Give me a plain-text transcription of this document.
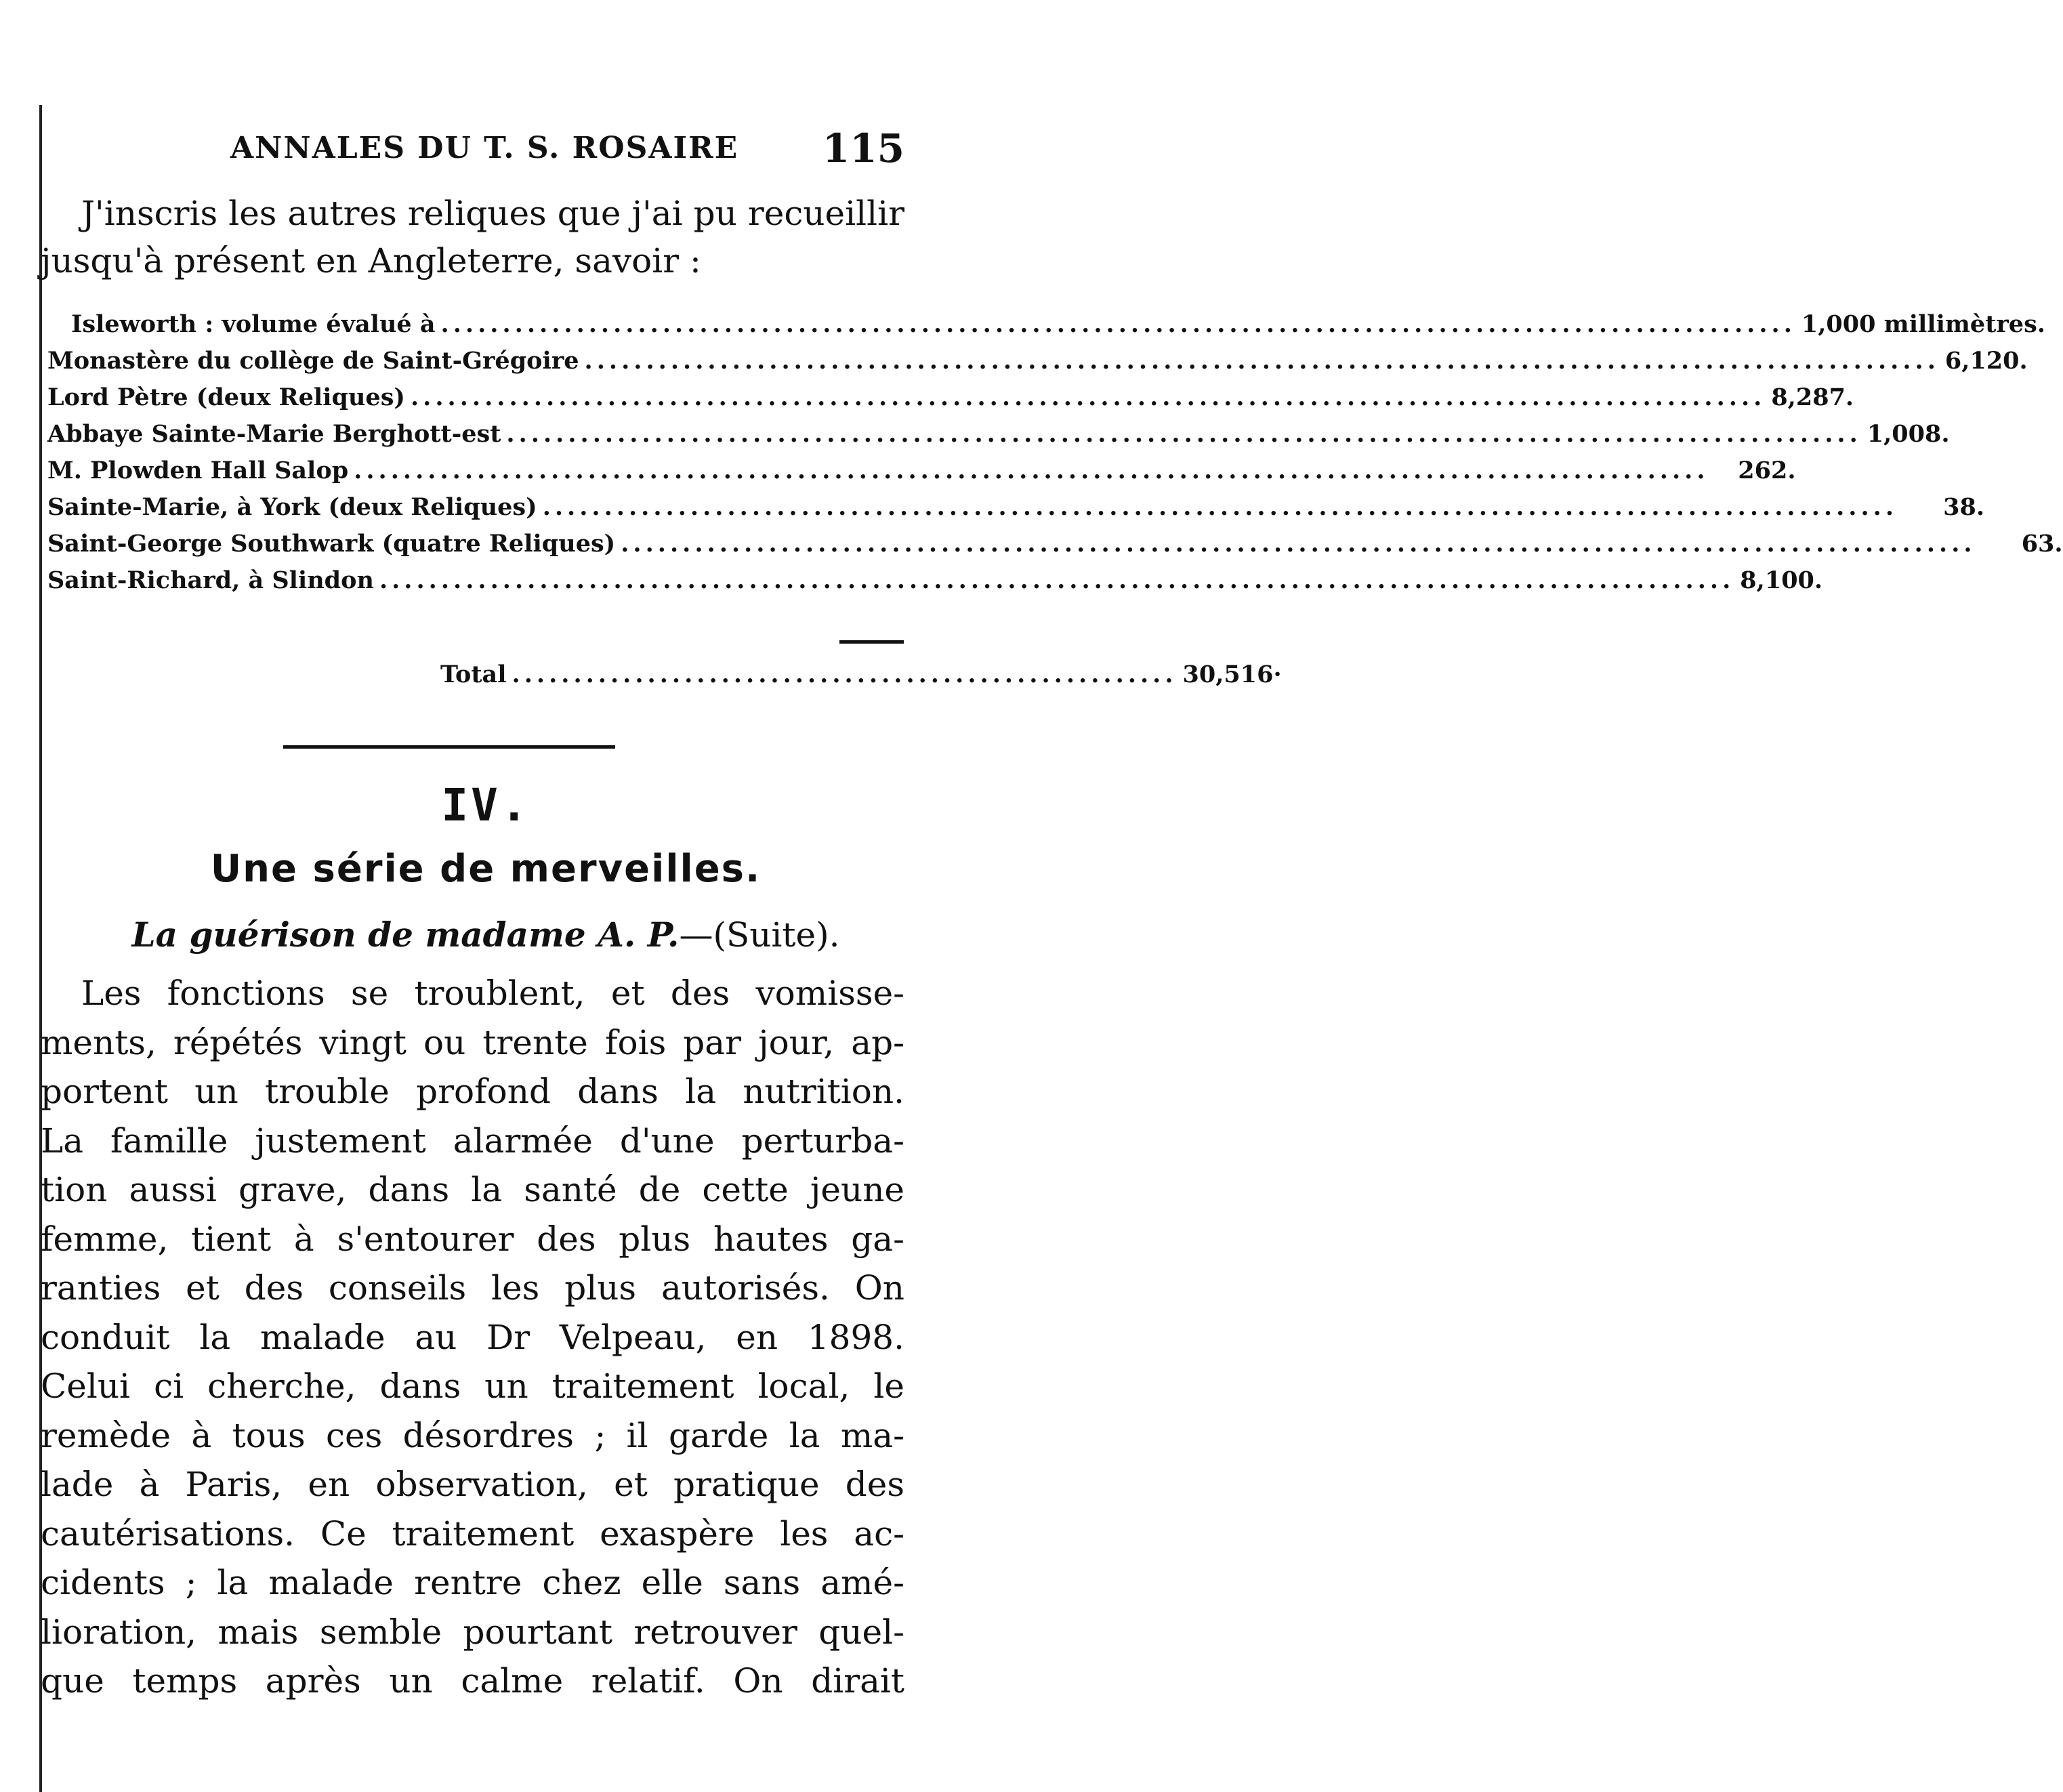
ANNALES DU T. S. ROSAIRE 115

J'inscris les autres reliques que j'ai pu recueillir jusqu'à présent en Angleterre, savoir :

Isleworth : volume évalué à .............................................................................................................. 1,000 millimètres.
Monastère du collège de Saint-Grégoire .............................................................................................................. 6,120.
Lord Pètre (deux Reliques) .............................................................................................................. 8,287.
Abbaye Sainte-Marie Berghott-est .............................................................................................................. 1,008.
M. Plowden Hall Salop ..............................................................................................................	262.
Sainte-Marie, à York (deux Reliques) ..............................................................................................................	38.
Saint-George Southwark (quatre Reliques) ..............................................................................................................	63.
Saint-Richard, à Slindon .............................................................................................................. 8,100.
Total ...................................................... 30,516·
IV.
Une série de merveilles.
La guérison de madame A. P.—(Suite).
Les fonctions se troublent, et des vomisse-
ments, répétés vingt ou trente fois par jour, ap-
portent un trouble profond dans la nutrition.
La famille justement alarmée d'une perturba-
tion aussi grave, dans la santé de cette jeune
femme, tient à s'entourer des plus hautes ga-
ranties et des conseils les plus autorisés. On
conduit la malade au Dr Velpeau, en 1898.
Celui ci cherche, dans un traitement local, le
remède à tous ces désordres ; il garde la ma-
lade à Paris, en observation, et pratique des
cautérisations. Ce traitement exaspère les ac-
cidents ; la malade rentre chez elle sans amé-
lioration, mais semble pourtant retrouver quel-
que temps après un calme relatif. On dirait
